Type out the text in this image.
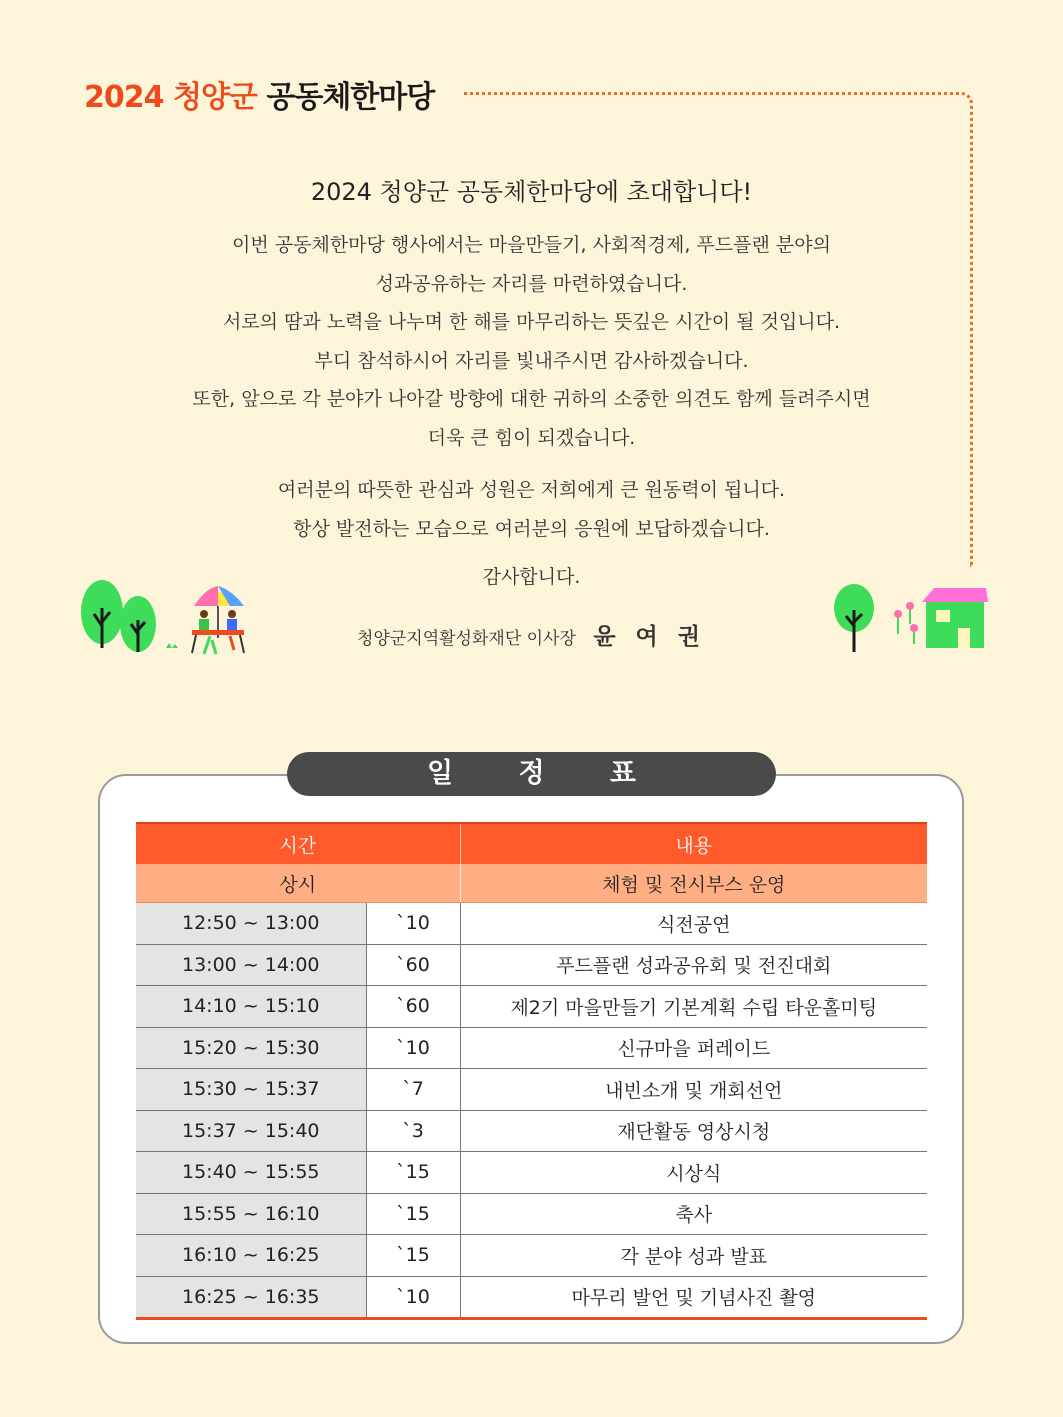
2024 청양군 공동체한마당
2024 청양군 공동체한마당에 초대합니다!

이번 공동체한마당 행사에서는 마을만들기, 사회적경제, 푸드플랜 분야의

성과공유하는 자리를 마련하였습니다.

서로의 땀과 노력을 나누며 한 해를 마무리하는 뜻깊은 시간이 될 것입니다.

부디 참석하시어 자리를 빛내주시면 감사하겠습니다.

또한, 앞으로 각 분야가 나아갈 방향에 대한 귀하의 소중한 의견도 함께 들려주시면

더욱 큰 힘이 되겠습니다.

여러분의 따뜻한 관심과 성원은 저희에게 큰 원동력이 됩니다.

항상 발전하는 모습으로 여러분의 응원에 보답하겠습니다.

감사합니다.
청양군지역활성화재단 이사장 윤 여 권
일 정 표
시간		내용
상시		체험 및 전시부스 운영
12:50 ~ 13:00	`10	식전공연
13:00 ~ 14:00	`60	푸드플랜 성과공유회 및 전진대회
14:10 ~ 15:10	`60	제2기 마을만들기 기본계획 수립 타운홀미팅
15:20 ~ 15:30	`10	신규마을 퍼레이드
15:30 ~ 15:37	`7	내빈소개 및 개회선언
15:37 ~ 15:40	`3	재단활동 영상시청
15:40 ~ 15:55	`15	시상식
15:55 ~ 16:10	`15	축사
16:10 ~ 16:25	`15	각 분야 성과 발표
16:25 ~ 16:35	`10	마무리 발언 및 기념사진 촬영
